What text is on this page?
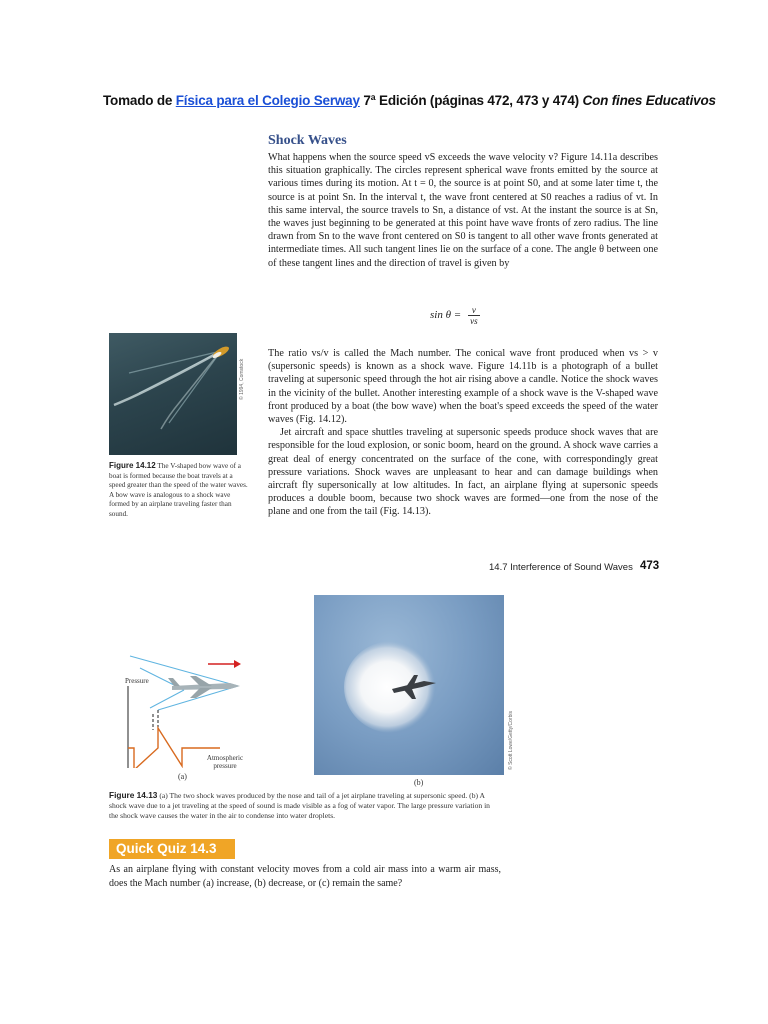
Tomado de Física para el Colegio Serway 7ª Edición (páginas 472, 473 y 474) Con fines Educativos
Shock Waves
What happens when the source speed vS exceeds the wave velocity v? Figure 14.11a describes this situation graphically. The circles represent spherical wave fronts emitted by the source at various times during its motion. At t = 0, the source is at point S0, and at some later time t, the source is at point Sn. In the interval t, the wave front centered at S0 reaches a radius of vt. In this same interval, the source travels to Sn, a distance of vst. At the instant the source is at Sn, the waves just beginning to be generated at this point have wave fronts of zero radius. The line drawn from Sn to the wave front centered on S0 is tangent to all other wave fronts generated at intermediate times. All such tangent lines lie on the surface of a cone. The angle θ between one of these tangent lines and the direction of travel is given by
$\sin \theta = \frac{v}{vs}$

The ratio vs/v is called the Mach number. The conical wave front produced when vs > v (supersonic speeds) is known as a shock wave. Figure 14.11b is a photograph of a bullet traveling at supersonic speed through the hot air rising above a candle. Notice the shock waves in the vicinity of the bullet. Another interesting example of a shock wave is the V-shaped wave front produced by a boat (the bow wave) when the boat's speed exceeds the speed of the water waves (Fig. 14.12).

Jet aircraft and space shuttles traveling at supersonic speeds produce shock waves that are responsible for the loud explosion, or sonic boom, heard on the ground. A shock wave carries a great deal of energy concentrated on the surface of the cone, with correspondingly great pressure variations. Shock waves are unpleasant to hear and can damage buildings when aircraft fly supersonically at low altitudes. In fact, an airplane flying at supersonic speeds produces a double boom, because two shock waves are formed—one from the nose of the plane and one from the tail (Fig. 14.13).

© 1994, Comstock
Figure 14.12 The V-shaped bow wave of a boat is formed because the boat travels at a speed greater than the speed of the water waves. A bow wave is analogous to a shock wave formed by an airplane traveling faster than sound.
14.7 Interference of Sound Waves 473
Pressure
Atmospheric pressure	© Scott Lowe/Getty/Corbis
(a)
(b)
Figure 14.13 (a) The two shock waves produced by the nose and tail of a jet airplane traveling at supersonic speed. (b) A shock wave due to a jet traveling at the speed of sound is made visible as a fog of water vapor. The large pressure variation in the shock wave causes the water in the air to condense into water droplets.
Quick Quiz 14.3
As an airplane flying with constant velocity moves from a cold air mass into a warm air mass, does the Mach number (a) increase, (b) decrease, or (c) remain the same?
